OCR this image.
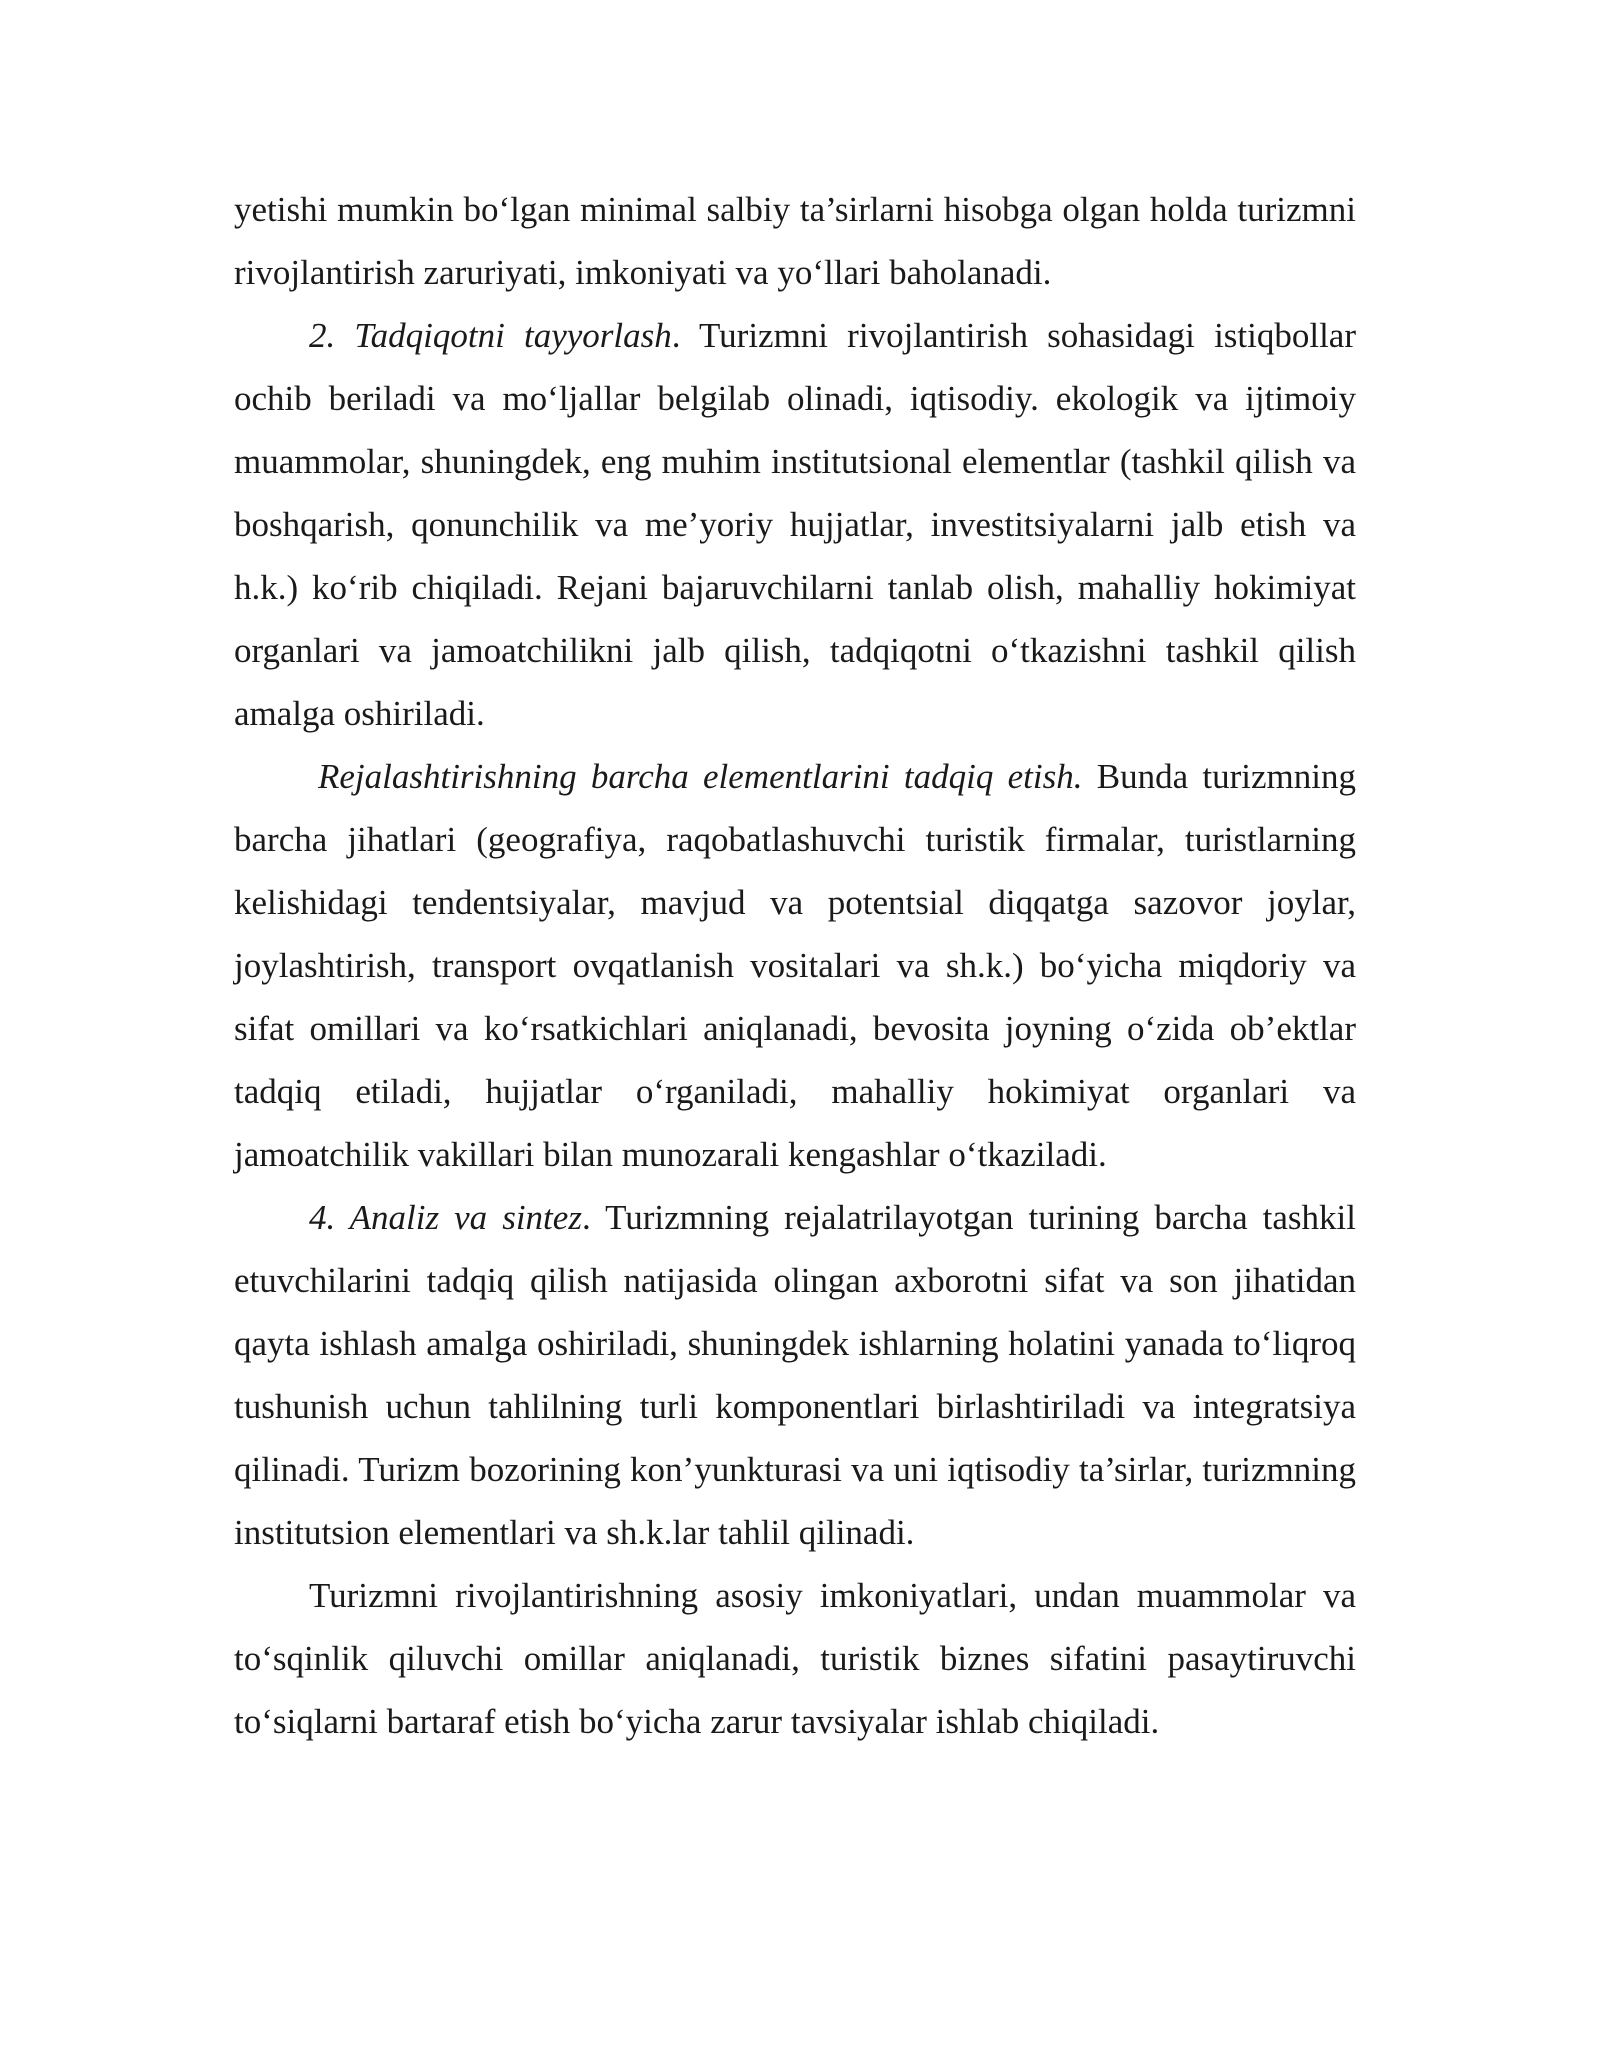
yetishi mumkin bo‘lgan minimal salbiy ta’sirlarni hisobga olgan holda turizmni rivojlantirish zaruriyati, imkoniyati va yo‘llari baholanadi.

2. Tadqiqotni tayyorlash. Turizmni rivojlantirish sohasidagi istiqbollar ochib beriladi va mo‘ljallar belgilab olinadi, iqtisodiy. ekologik va ijtimoiy muammolar, shuningdek, eng muhim institutsional elementlar (tashkil qilish va boshqarish, qonunchilik va me’yoriy hujjatlar, investitsiyalarni jalb etish va h.k.) ko‘rib chiqiladi. Rejani bajaruvchilarni tanlab olish, mahalliy hokimiyat organlari va jamoatchilikni jalb qilish, tadqiqotni o‘tkazishni tashkil qilish amalga oshiriladi.

Rejalashtirishning barcha elementlarini tadqiq etish. Bunda turizmning barcha jihatlari (geografiya, raqobatlashuvchi turistik firmalar, turistlarning kelishidagi tendentsiyalar, mavjud va potentsial diqqatga sazovor joylar, joylashtirish, transport ovqatlanish vositalari va sh.k.) bo‘yicha miqdoriy va sifat omillari va ko‘rsatkichlari aniqlanadi, bevosita joyning o‘zida ob’ektlar tadqiq etiladi, hujjatlar o‘rganiladi, mahalliy hokimiyat organlari va jamoatchilik vakillari bilan munozarali kengashlar o‘tkaziladi.

4. Analiz va sintez. Turizmning rejalatrilayotgan turining barcha tashkil etuvchilarini tadqiq qilish natijasida olingan axborotni sifat va son jihatidan qayta ishlash amalga oshiriladi, shuningdek ishlarning holatini yanada to‘liqroq tushunish uchun tahlilning turli komponentlari birlashtiriladi va integratsiya qilinadi. Turizm bozorining kon’yunkturasi va uni iqtisodiy ta’sirlar, turizmning institutsion elementlari va sh.k.lar tahlil qilinadi.

Turizmni rivojlantirishning asosiy imkoniyatlari, undan muammolar va to‘sqinlik qiluvchi omillar aniqlanadi, turistik biznes sifatini pasaytiruvchi to‘siqlarni bartaraf etish bo‘yicha zarur tavsiyalar ishlab chiqiladi.
